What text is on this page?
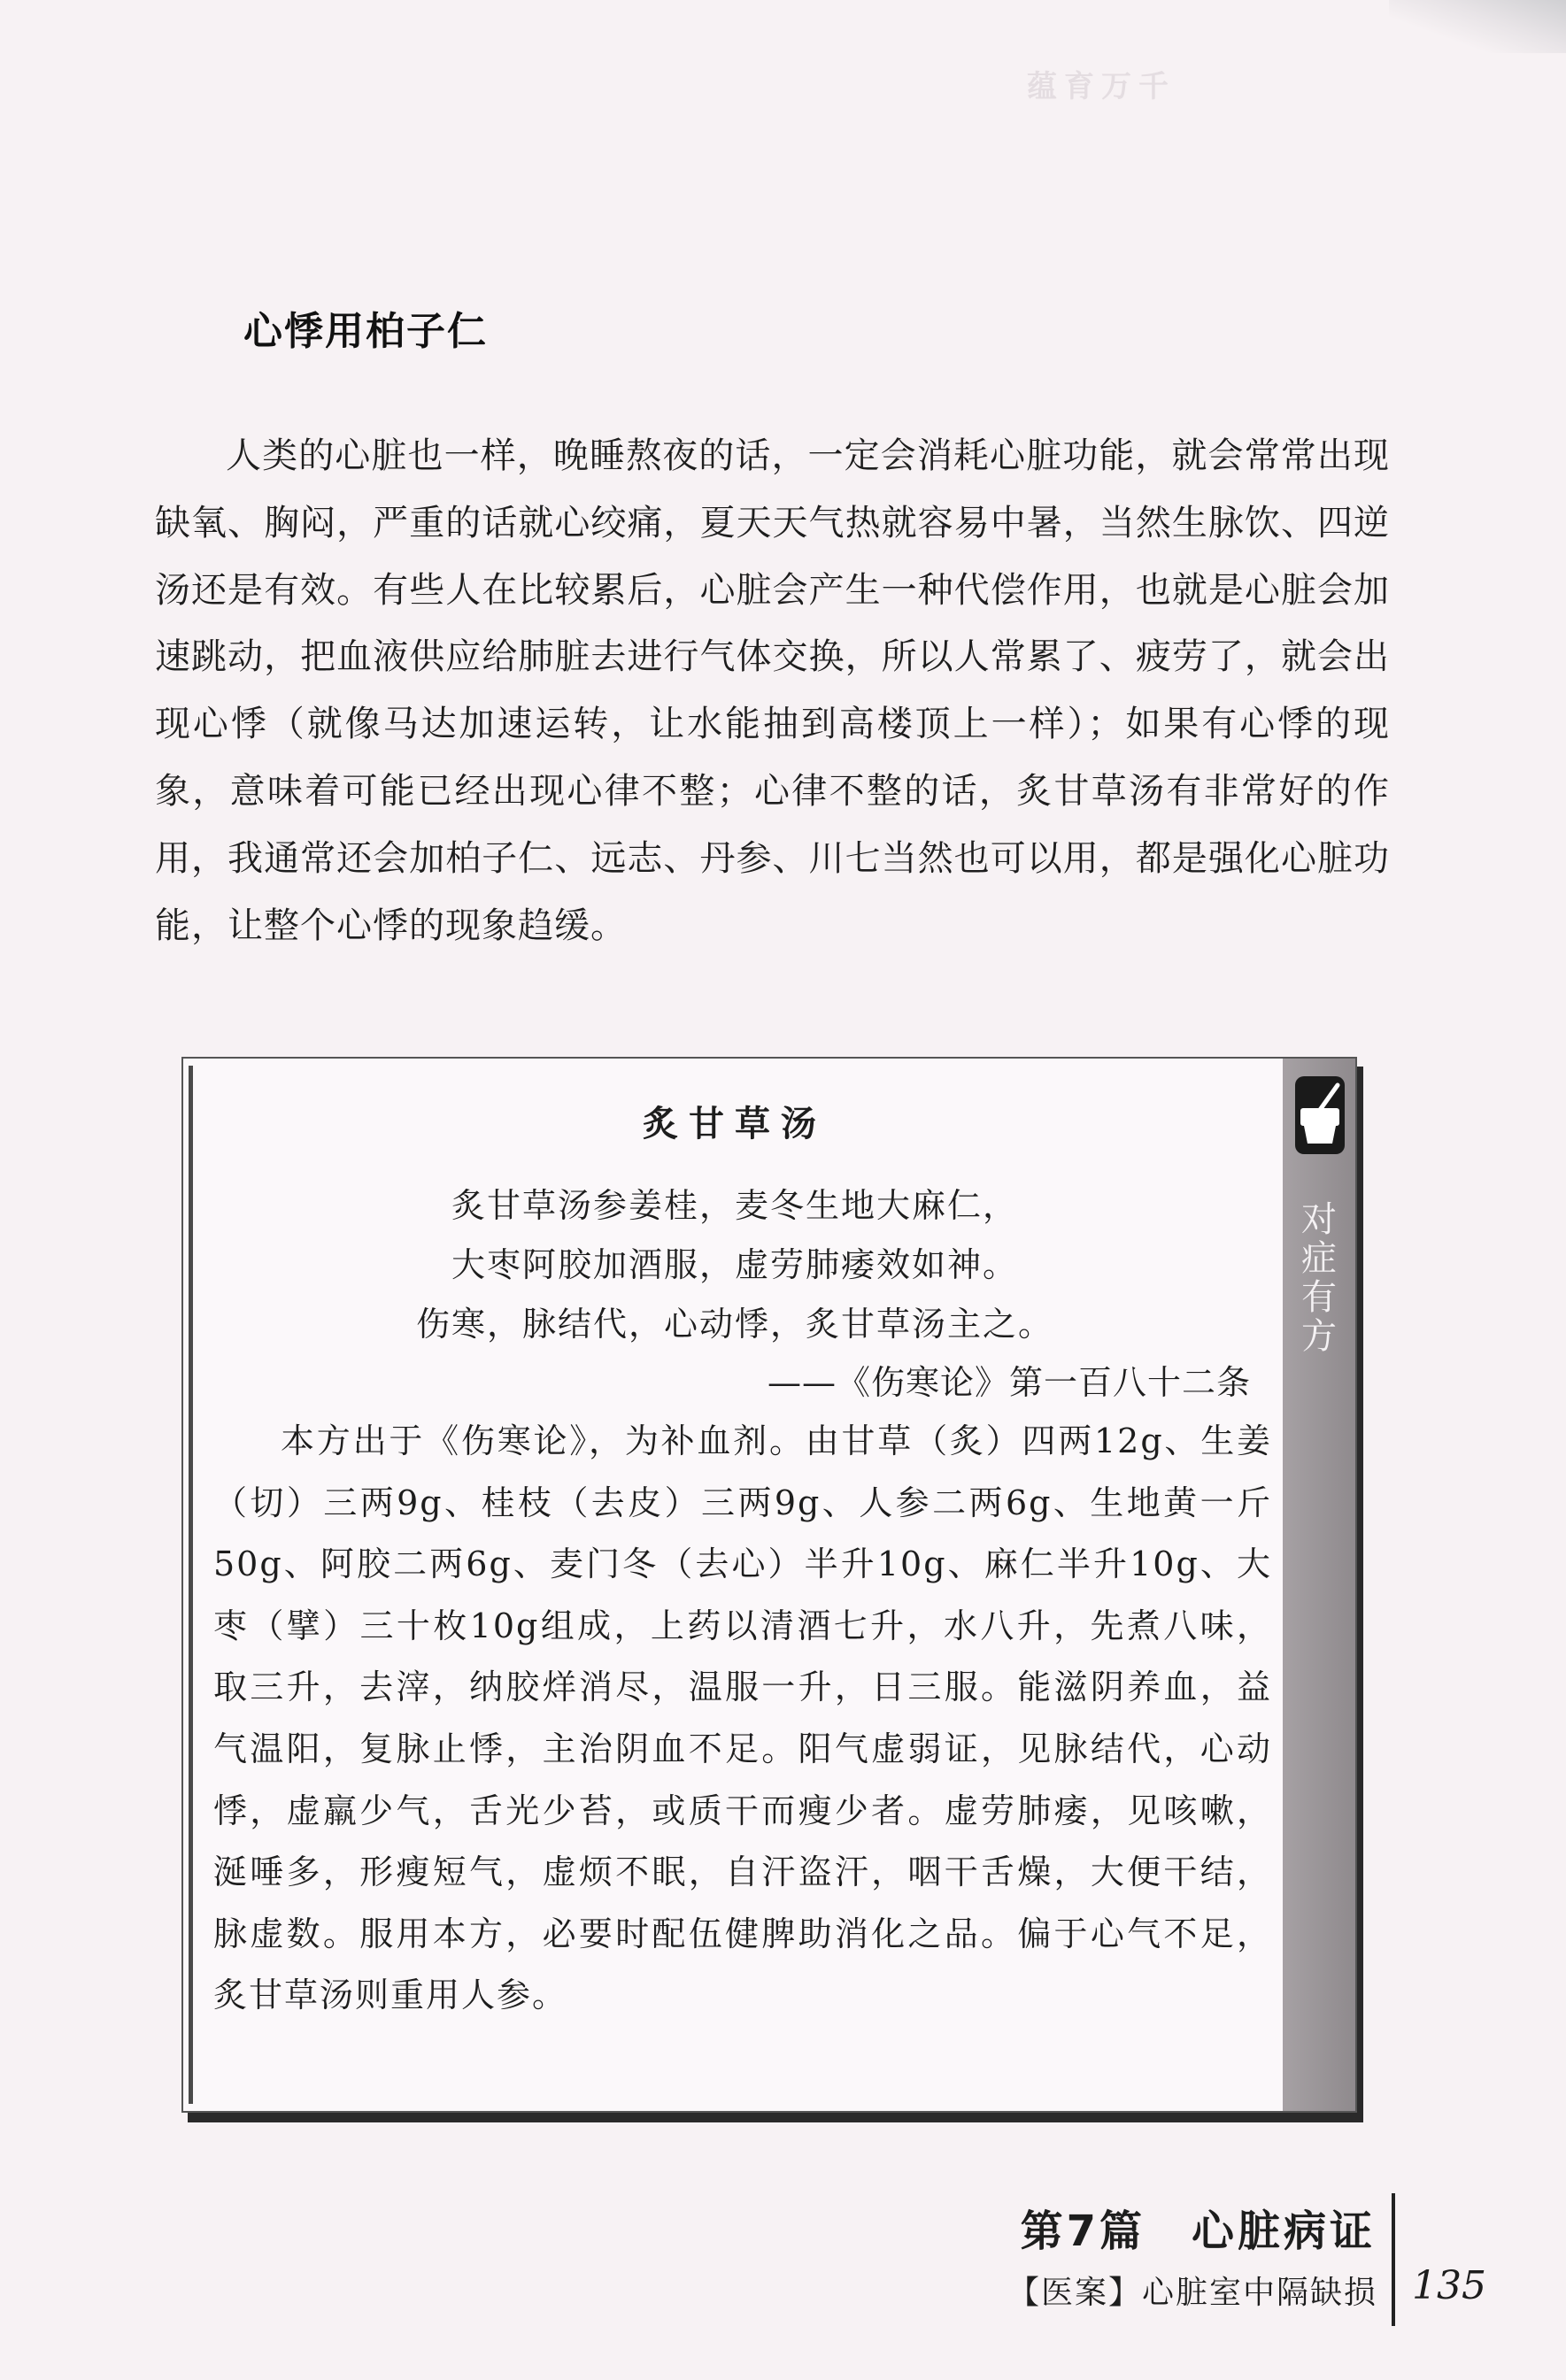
蕴育万千
心悸用柏子仁

人类的心脏也一样，晚睡熬夜的话，一定会消耗心脏功能，就会常常出现缺氧、胸闷，严重的话就心绞痛，夏天天气热就容易中暑，当然生脉饮、四逆汤还是有效。有些人在比较累后，心脏会产生一种代偿作用，也就是心脏会加速跳动，把血液供应给肺脏去进行气体交换，所以人常累了、疲劳了，就会出现心悸（就像马达加速运转，让水能抽到高楼顶上一样）；如果有心悸的现象，意味着可能已经出现心律不整；心律不整的话，炙甘草汤有非常好的作用，我通常还会加柏子仁、远志、丹参、川七当然也可以用，都是强化心脏功能，让整个心悸的现象趋缓。

炙甘草汤
炙甘草汤参姜桂，麦冬生地大麻仁，
大枣阿胶加酒服，虚劳肺痿效如神。
伤寒，脉结代，心动悸，炙甘草汤主之。
——《伤寒论》第一百八十二条

本方出于《伤寒论》，为补血剂。由甘草（炙）四两12g、生姜（切）三两9g、桂枝（去皮）三两9g、人参二两6g、生地黄一斤50g、阿胶二两6g、麦门冬（去心）半升10g、麻仁半升10g、大枣（擘）三十枚10g组成，上药以清酒七升，水八升，先煮八味，取三升，去滓，纳胶烊消尽，温服一升，日三服。能滋阴养血，益气温阳，复脉止悸，主治阴血不足。阳气虚弱证，见脉结代，心动悸，虚羸少气，舌光少苔，或质干而瘦少者。虚劳肺痿，见咳嗽，涎唾多，形瘦短气，虚烦不眠，自汗盗汗，咽干舌燥，大便干结，脉虚数。服用本方，必要时配伍健脾助消化之品。偏于心气不足，炙甘草汤则重用人参。

对
症
有
方
第7篇　心脏病证
【医案】心脏室中隔缺损 135
